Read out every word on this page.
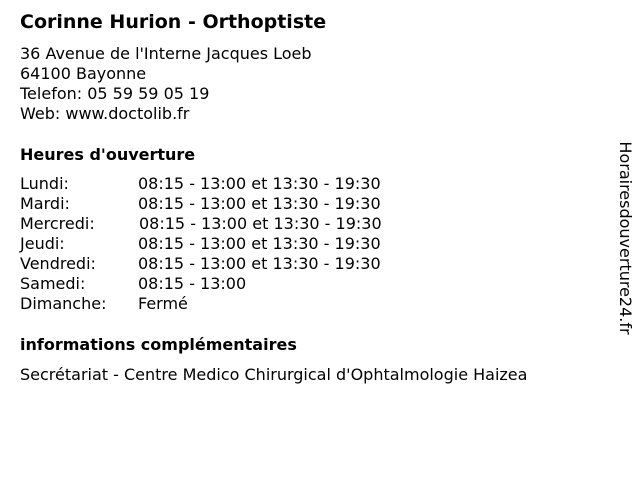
Corinne Hurion - Orthoptiste
36 Avenue de l'Interne Jacques Loeb
64100 Bayonne
Telefon: 05 59 59 05 19
Web: www.doctolib.fr
Heures d'ouverture
Lundi:	08:15 - 13:00 et 13:30 - 19:30
Mardi:	08:15 - 13:00 et 13:30 - 19:30
Mercredi:	08:15 - 13:00 et 13:30 - 19:30
Jeudi:	08:15 - 13:00 et 13:30 - 19:30
Vendredi:	08:15 - 13:00 et 13:30 - 19:30
Samedi:	08:15 - 13:00
Dimanche:	Fermé
informations complémentaires
Secrétariat - Centre Medico Chirurgical d'Ophtalmologie Haizea
Horairesdouverture24.fr
